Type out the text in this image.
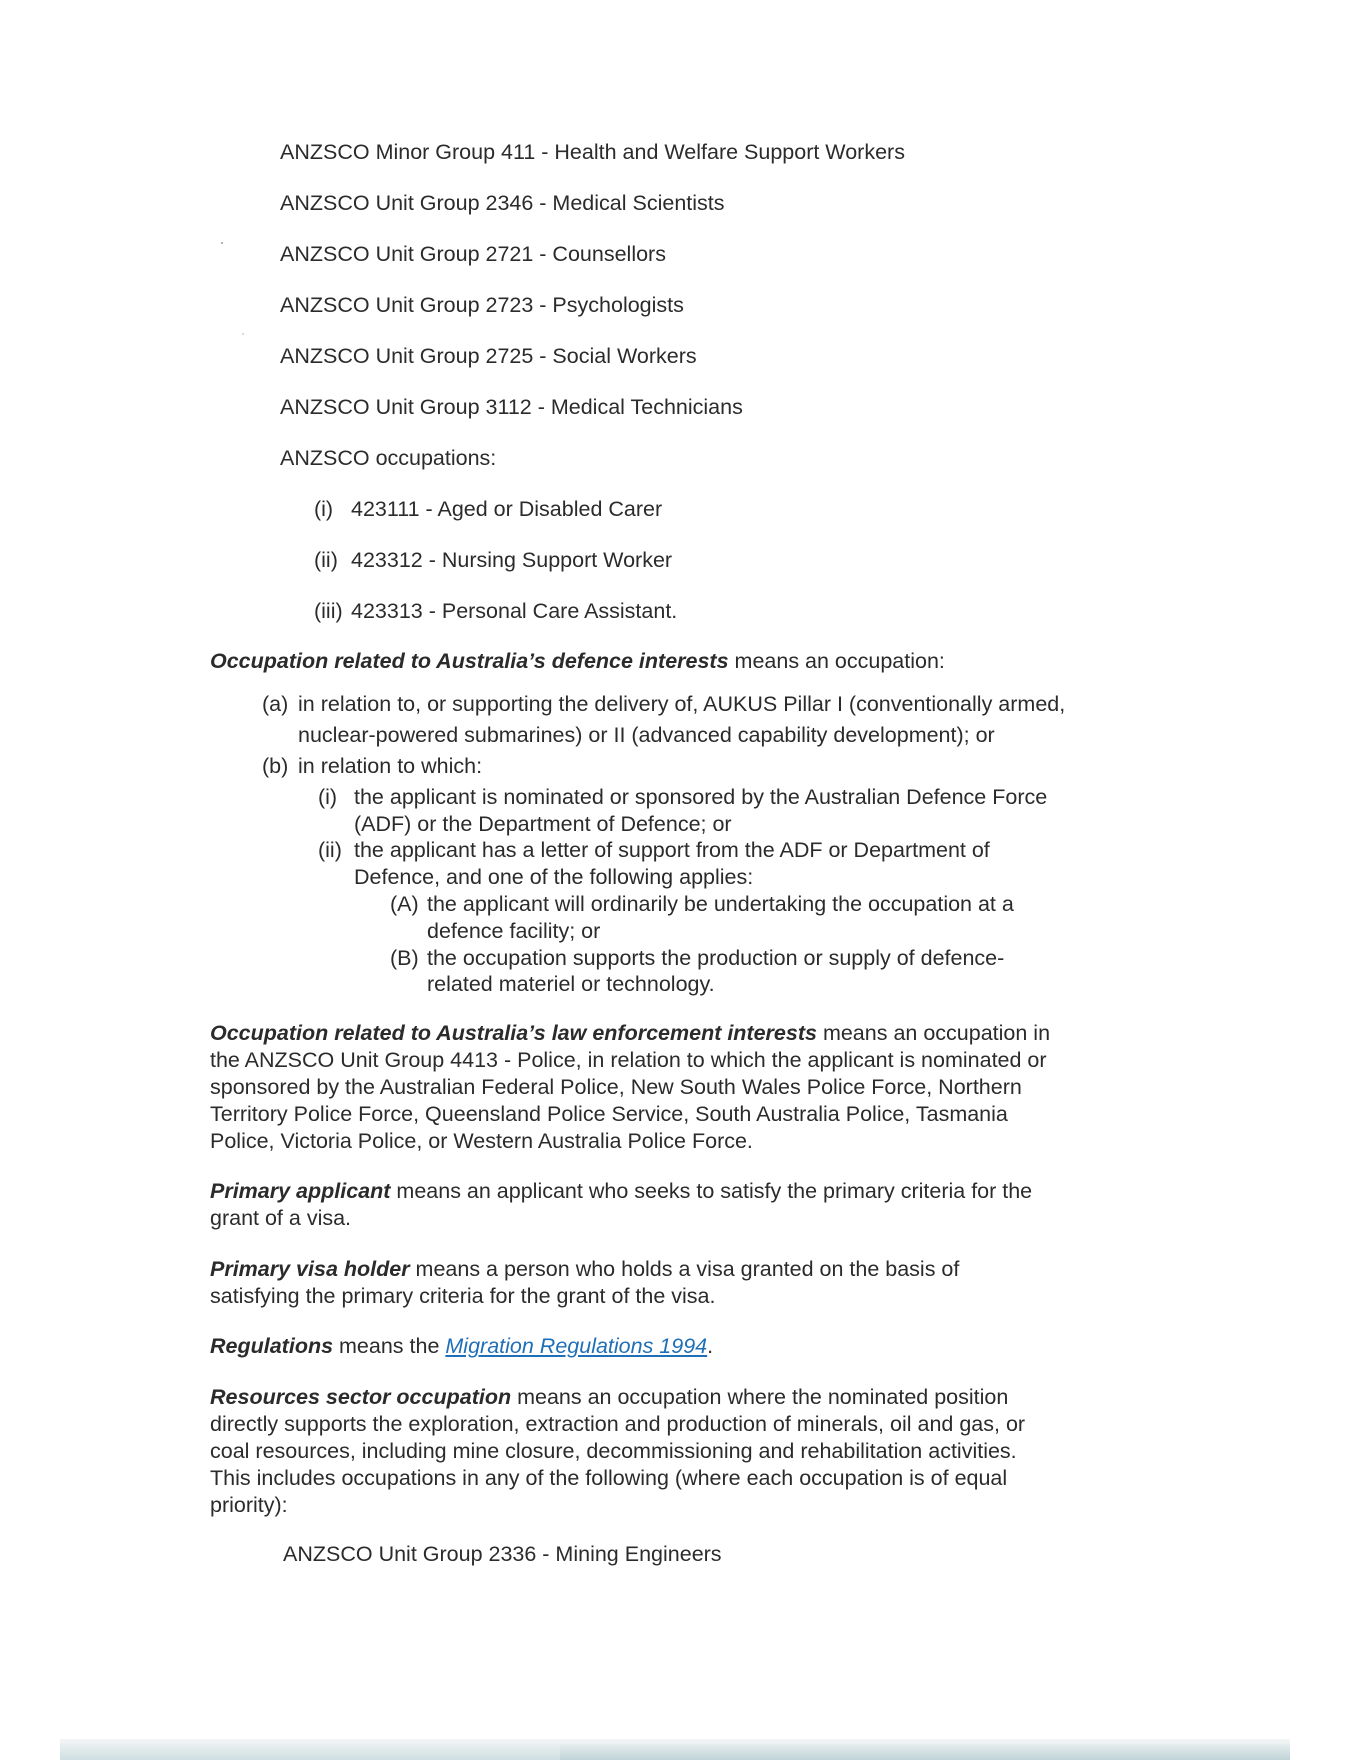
ANZSCO Minor Group 411 - Health and Welfare Support Workers
ANZSCO Unit Group 2346 - Medical Scientists
ANZSCO Unit Group 2721 - Counsellors
ANZSCO Unit Group 2723 - Psychologists
ANZSCO Unit Group 2725 - Social Workers
ANZSCO Unit Group 3112 - Medical Technicians
ANZSCO occupations:
(i) 423111 - Aged or Disabled Carer
(ii) 423312 - Nursing Support Worker
(iii) 423313 - Personal Care Assistant.
Occupation related to Australia’s defence interests means an occupation:
(a) in relation to, or supporting the delivery of, AUKUS Pillar I (conventionally armed,
nuclear-powered submarines) or II (advanced capability development); or
(b) in relation to which:
(i) the applicant is nominated or sponsored by the Australian Defence Force
(ADF) or the Department of Defence; or
(ii) the applicant has a letter of support from the ADF or Department of
Defence, and one of the following applies:
(A) the applicant will ordinarily be undertaking the occupation at a
defence facility; or
(B) the occupation supports the production or supply of defence-
related materiel or technology.
Occupation related to Australia’s law enforcement interests means an occupation in
the ANZSCO Unit Group 4413 - Police, in relation to which the applicant is nominated or
sponsored by the Australian Federal Police, New South Wales Police Force, Northern
Territory Police Force, Queensland Police Service, South Australia Police, Tasmania
Police, Victoria Police, or Western Australia Police Force.
Primary applicant means an applicant who seeks to satisfy the primary criteria for the
grant of a visa.
Primary visa holder means a person who holds a visa granted on the basis of
satisfying the primary criteria for the grant of the visa.
Regulations means the Migration Regulations 1994.
Resources sector occupation means an occupation where the nominated position
directly supports the exploration, extraction and production of minerals, oil and gas, or
coal resources, including mine closure, decommissioning and rehabilitation activities.
This includes occupations in any of the following (where each occupation is of equal
priority):
ANZSCO Unit Group 2336 - Mining Engineers
